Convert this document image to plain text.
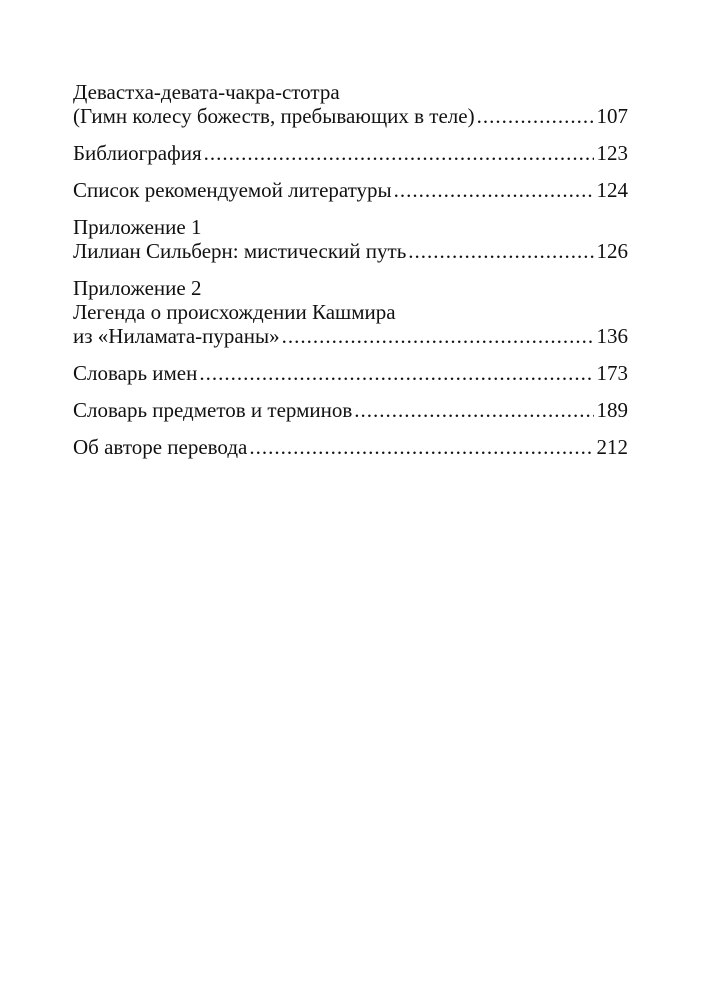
Девастха-девата-чакра-стотра
(Гимн колесу божеств, пребывающих в теле) .....	107
Библиография .....	123
Список рекомендуемой литературы .....	124
Приложение 1
Лилиан Сильберн: мистический путь .....	126
Приложение 2
Легенда о происхождении Кашмира
из «Ниламата-пураны» .....	136
Словарь имен .....	173
Словарь предметов и терминов .....	189
Об авторе перевода .....	212
